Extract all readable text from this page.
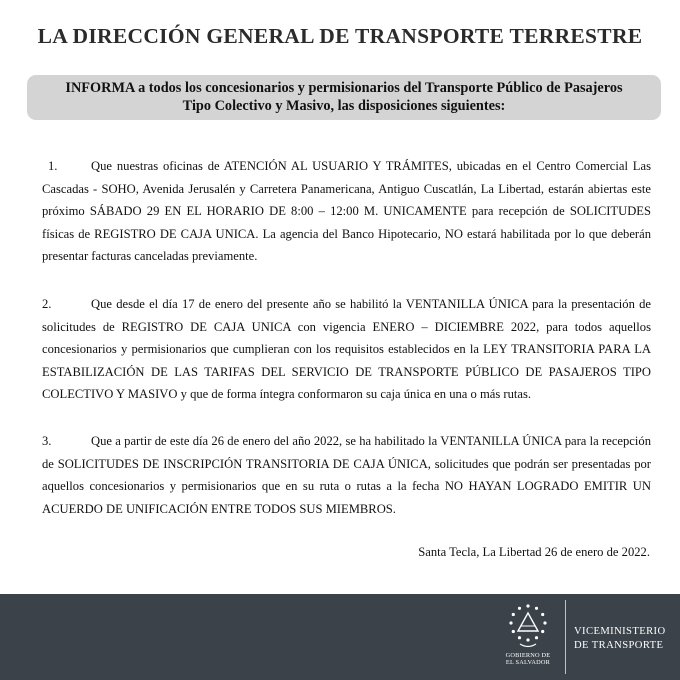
LA DIRECCIÓN GENERAL DE TRANSPORTE TERRESTRE
INFORMA a todos los concesionarios y permisionarios del Transporte Público de Pasajeros
Tipo Colectivo y Masivo, las disposiciones siguientes:

1.	Que nuestras oficinas de ATENCIÓN AL USUARIO Y TRÁMITES, ubicadas en el Centro Comercial Las Cascadas - SOHO, Avenida Jerusalén y Carretera Panamericana, Antiguo Cuscatlán, La Libertad, estarán abiertas este próximo SÁBADO 29 EN EL HORARIO DE 8:00 – 12:00 M. UNICAMENTE para recepción de SOLICITUDES físicas de REGISTRO DE CAJA UNICA. La agencia del Banco Hipotecario, NO estará habilitada por lo que deberán presentar facturas canceladas previamente.

2.	Que desde el día 17 de enero del presente año se habilitó la VENTANILLA ÚNICA para la presentación de solicitudes de REGISTRO DE CAJA UNICA con vigencia ENERO – DICIEMBRE 2022, para todos aquellos concesionarios y permisionarios que cumplieran con los requisitos establecidos en la LEY TRANSITORIA PARA LA ESTABILIZACIÓN DE LAS TARIFAS DEL SERVICIO DE TRANSPORTE PÚBLICO DE PASAJEROS TIPO COLECTIVO Y MASIVO y que de forma íntegra conformaron su caja única en una o más rutas.

3.	Que a partir de este día 26 de enero del año 2022, se ha habilitado la VENTANILLA ÚNICA para la recepción de SOLICITUDES DE INSCRIPCIÓN TRANSITORIA DE CAJA ÚNICA, solicitudes que podrán ser presentadas por aquellos concesionarios y permisionarios que en su ruta o rutas a la fecha NO HAYAN LOGRADO EMITIR UN ACUERDO DE UNIFICACIÓN ENTRE TODOS SUS MIEMBROS.

Santa Tecla, La Libertad 26 de enero de 2022.
GOBIERNO DE
EL SALVADOR
VICEMINISTERIO
DE TRANSPORTE
